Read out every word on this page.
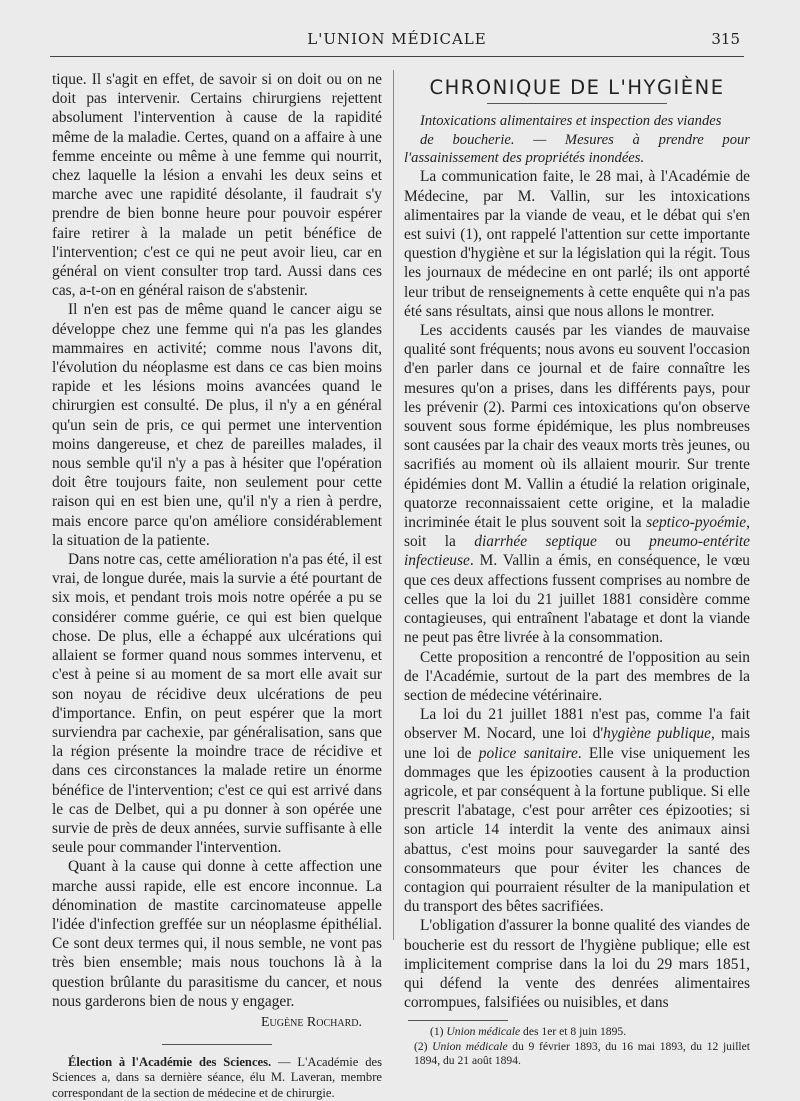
L'UNION MÉDICALE	315

tique. Il s'agit en effet, de savoir si on doit ou on ne doit pas intervenir. Certains chirurgiens rejettent absolument l'intervention à cause de la rapidité même de la maladie. Certes, quand on a affaire à une femme enceinte ou même à une femme qui nourrit, chez laquelle la lésion a envahi les deux seins et marche avec une rapidité désolante, il faudrait s'y prendre de bien bonne heure pour pouvoir espérer faire retirer à la malade un petit bénéfice de l'intervention; c'est ce qui ne peut avoir lieu, car en général on vient consulter trop tard. Aussi dans ces cas, a-t-on en général raison de s'abstenir.

Il n'en est pas de même quand le cancer aigu se développe chez une femme qui n'a pas les glandes mammaires en activité; comme nous l'avons dit, l'évolution du néoplasme est dans ce cas bien moins rapide et les lésions moins avancées quand le chirurgien est consulté. De plus, il n'y a en général qu'un sein de pris, ce qui permet une intervention moins dangereuse, et chez de pareilles malades, il nous semble qu'il n'y a pas à hésiter que l'opération doit être toujours faite, non seulement pour cette raison qui en est bien une, qu'il n'y a rien à perdre, mais encore parce qu'on améliore considérablement la situation de la patiente.

Dans notre cas, cette amélioration n'a pas été, il est vrai, de longue durée, mais la survie a été pourtant de six mois, et pendant trois mois notre opérée a pu se considérer comme guérie, ce qui est bien quelque chose. De plus, elle a échappé aux ulcérations qui allaient se former quand nous sommes intervenu, et c'est à peine si au moment de sa mort elle avait sur son noyau de récidive deux ulcérations de peu d'importance. Enfin, on peut espérer que la mort surviendra par cachexie, par généralisation, sans que la région présente la moindre trace de récidive et dans ces circonstances la malade retire un énorme bénéfice de l'intervention; c'est ce qui est arrivé dans le cas de Delbet, qui a pu donner à son opérée une survie de près de deux années, survie suffisante à elle seule pour commander l'intervention.

Quant à la cause qui donne à cette affection une marche aussi rapide, elle est encore inconnue. La dénomination de mastite carcinomateuse appelle l'idée d'infection greffée sur un néoplasme épithélial. Ce sont deux termes qui, il nous semble, ne vont pas très bien ensemble; mais nous touchons là à la question brûlante du parasitisme du cancer, et nous nous garderons bien de nous y engager.

Eugène Rochard.

Élection à l'Académie des Sciences. — L'Académie des Sciences a, dans sa dernière séance, élu M. Laveran, membre correspondant de la section de médecine et de chirurgie.

CHRONIQUE DE L'HYGIÈNE

Intoxications alimentaires et inspection des viandes
de boucherie. — Mesures à prendre pour l'assainissement des propriétés inondées.

La communication faite, le 28 mai, à l'Académie de Médecine, par M. Vallin, sur les intoxications alimentaires par la viande de veau, et le débat qui s'en est suivi (1), ont rappelé l'attention sur cette importante question d'hygiène et sur la législation qui la régit. Tous les journaux de médecine en ont parlé; ils ont apporté leur tribut de renseignements à cette enquête qui n'a pas été sans résultats, ainsi que nous allons le montrer.

Les accidents causés par les viandes de mauvaise qualité sont fréquents; nous avons eu souvent l'occasion d'en parler dans ce journal et de faire connaître les mesures qu'on a prises, dans les différents pays, pour les prévenir (2). Parmi ces intoxications qu'on observe souvent sous forme épidémique, les plus nombreuses sont causées par la chair des veaux morts très jeunes, ou sacrifiés au moment où ils allaient mourir. Sur trente épidémies dont M. Vallin a étudié la relation originale, quatorze reconnaissaient cette origine, et la maladie incriminée était le plus souvent soit la septico-pyoémie, soit la diarrhée septique ou pneumo-entérite infectieuse. M. Vallin a émis, en conséquence, le vœu que ces deux affections fussent comprises au nombre de celles que la loi du 21 juillet 1881 considère comme contagieuses, qui entraînent l'abatage et dont la viande ne peut pas être livrée à la consommation.

Cette proposition a rencontré de l'opposition au sein de l'Académie, surtout de la part des membres de la section de médecine vétérinaire.

La loi du 21 juillet 1881 n'est pas, comme l'a fait observer M. Nocard, une loi d'hygiène publique, mais une loi de police sanitaire. Elle vise uniquement les dommages que les épizooties causent à la production agricole, et par conséquent à la fortune publique. Si elle prescrit l'abatage, c'est pour arrêter ces épizooties; si son article 14 interdit la vente des animaux ainsi abattus, c'est moins pour sauvegarder la santé des consommateurs que pour éviter les chances de contagion qui pourraient résulter de la manipulation et du transport des bêtes sacrifiées.

L'obligation d'assurer la bonne qualité des viandes de boucherie est du ressort de l'hygiène publique; elle est implicitement comprise dans la loi du 29 mars 1851, qui défend la vente des denrées alimentaires corrompues, falsifiées ou nuisibles, et dans

(1) Union médicale des 1er et 8 juin 1895.

(2) Union médicale du 9 février 1893, du 16 mai 1893, du 12 juillet 1894, du 21 août 1894.
